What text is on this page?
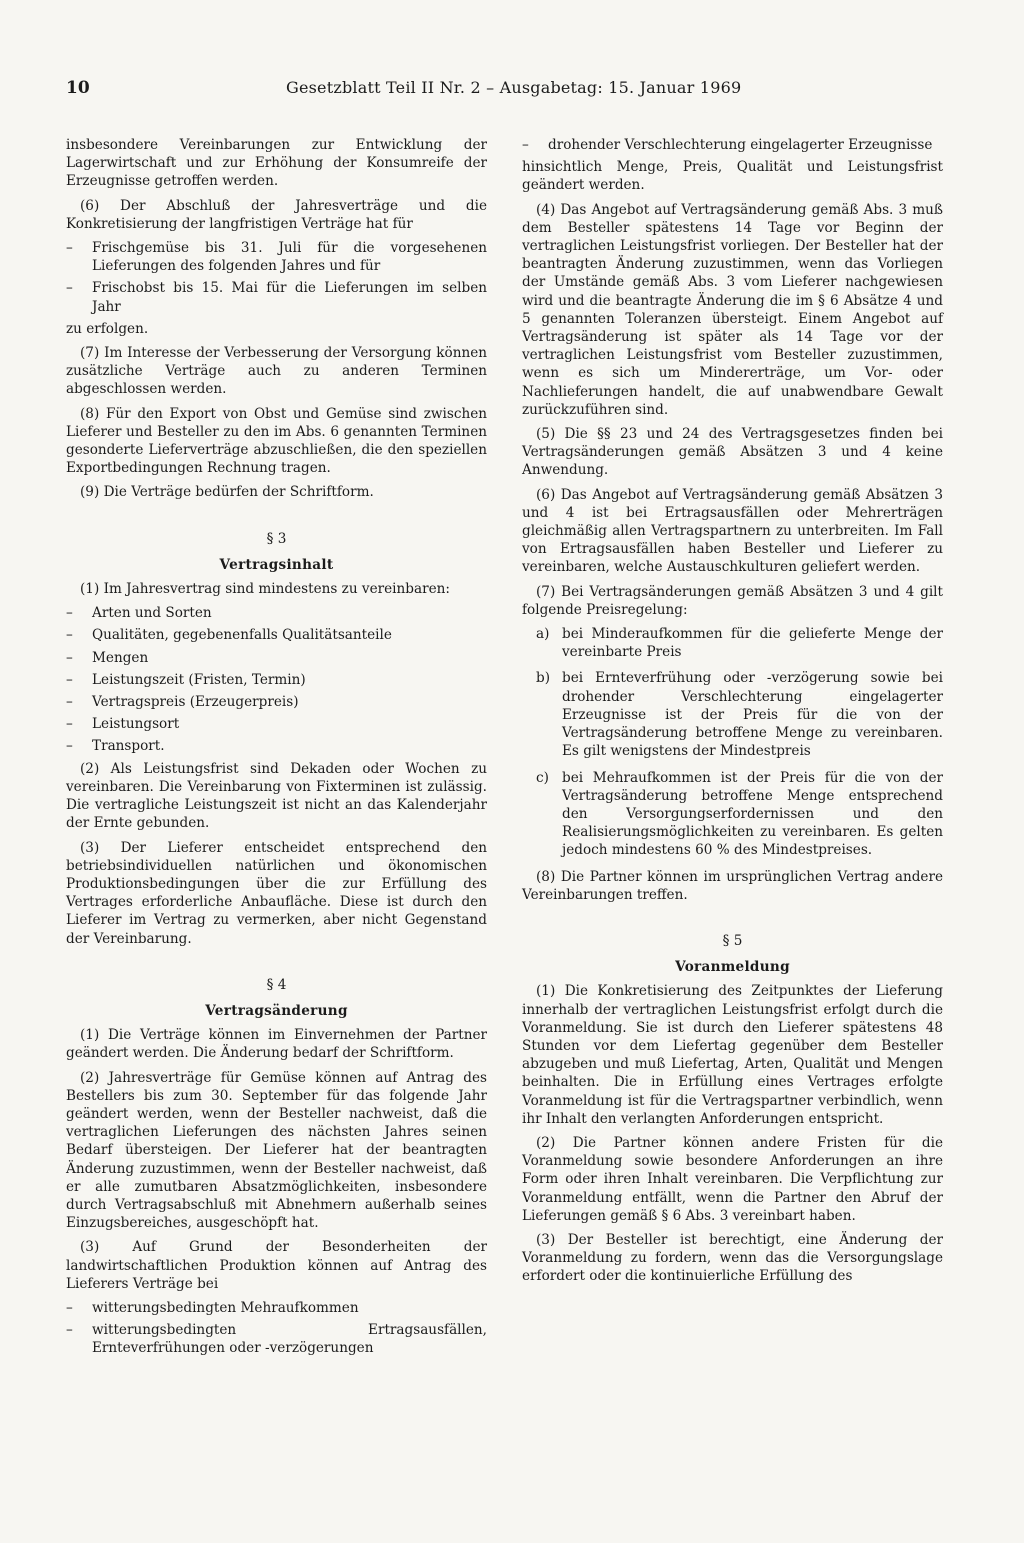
10	Gesetzblatt Teil II Nr. 2 – Ausgabetag: 15. Januar 1969

insbesondere Vereinbarungen zur Entwicklung der Lagerwirtschaft und zur Erhöhung der Konsumreife der Erzeugnisse getroffen werden.

(6) Der Abschluß der Jahresverträge und die Konkretisierung der langfristigen Verträge hat für

–	Frischgemüse bis 31. Juli für die vorgesehenen Lieferungen des folgenden Jahres und für
–	Frischobst bis 15. Mai für die Lieferungen im selben Jahr

zu erfolgen.

(7) Im Interesse der Verbesserung der Versorgung können zusätzliche Verträge auch zu anderen Terminen abgeschlossen werden.

(8) Für den Export von Obst und Gemüse sind zwischen Lieferer und Besteller zu den im Abs. 6 genannten Terminen gesonderte Lieferverträge abzuschließen, die den speziellen Exportbedingungen Rechnung tragen.

(9) Die Verträge bedürfen der Schriftform.

§ 3
Vertragsinhalt

(1) Im Jahresvertrag sind mindestens zu vereinbaren:

–	Arten und Sorten
–	Qualitäten, gegebenenfalls Qualitätsanteile
–	Mengen
–	Leistungszeit (Fristen, Termin)
–	Vertragspreis (Erzeugerpreis)
–	Leistungsort
–	Transport.

(2) Als Leistungsfrist sind Dekaden oder Wochen zu vereinbaren. Die Vereinbarung von Fixterminen ist zulässig. Die vertragliche Leistungszeit ist nicht an das Kalenderjahr der Ernte gebunden.

(3) Der Lieferer entscheidet entsprechend den betriebsindividuellen natürlichen und ökonomischen Produktionsbedingungen über die zur Erfüllung des Vertrages erforderliche Anbaufläche. Diese ist durch den Lieferer im Vertrag zu vermerken, aber nicht Gegenstand der Vereinbarung.

§ 4
Vertragsänderung

(1) Die Verträge können im Einvernehmen der Partner geändert werden. Die Änderung bedarf der Schriftform.

(2) Jahresverträge für Gemüse können auf Antrag des Bestellers bis zum 30. September für das folgende Jahr geändert werden, wenn der Besteller nachweist, daß die vertraglichen Lieferungen des nächsten Jahres seinen Bedarf übersteigen. Der Lieferer hat der beantragten Änderung zuzustimmen, wenn der Besteller nachweist, daß er alle zumutbaren Absatzmöglichkeiten, insbesondere durch Vertragsabschluß mit Abnehmern außerhalb seines Einzugsbereiches, ausgeschöpft hat.

(3) Auf Grund der Besonderheiten der landwirtschaftlichen Produktion können auf Antrag des Lieferers Verträge bei

–	witterungsbedingten Mehraufkommen
–	witterungsbedingten Ertragsausfällen, Ernteverfrühungen oder -verzögerungen
–	drohender Verschlechterung eingelagerter Erzeugnisse

hinsichtlich Menge, Preis, Qualität und Leistungsfrist geändert werden.

(4) Das Angebot auf Vertragsänderung gemäß Abs. 3 muß dem Besteller spätestens 14 Tage vor Beginn der vertraglichen Leistungsfrist vorliegen. Der Besteller hat der beantragten Änderung zuzustimmen, wenn das Vorliegen der Umstände gemäß Abs. 3 vom Lieferer nachgewiesen wird und die beantragte Änderung die im § 6 Absätze 4 und 5 genannten Toleranzen übersteigt. Einem Angebot auf Vertragsänderung ist später als 14 Tage vor der vertraglichen Leistungsfrist vom Besteller zuzustimmen, wenn es sich um Mindererträge, um Vor- oder Nachlieferungen handelt, die auf unabwendbare Gewalt zurückzuführen sind.

(5) Die §§ 23 und 24 des Vertragsgesetzes finden bei Vertragsänderungen gemäß Absätzen 3 und 4 keine Anwendung.

(6) Das Angebot auf Vertragsänderung gemäß Absätzen 3 und 4 ist bei Ertragsausfällen oder Mehrerträgen gleichmäßig allen Vertragspartnern zu unterbreiten. Im Fall von Ertragsausfällen haben Besteller und Lieferer zu vereinbaren, welche Austauschkulturen geliefert werden.

(7) Bei Vertragsänderungen gemäß Absätzen 3 und 4 gilt folgende Preisregelung:

a) bei Minderaufkommen für die gelieferte Menge der vereinbarte Preis
b) bei Ernteverfrühung oder -verzögerung sowie bei drohender Verschlechterung eingelagerter Erzeugnisse ist der Preis für die von der Vertragsänderung betroffene Menge zu vereinbaren. Es gilt wenigstens der Mindestpreis
c) bei Mehraufkommen ist der Preis für die von der Vertragsänderung betroffene Menge entsprechend den Versorgungserfordernissen und den Realisierungsmöglichkeiten zu vereinbaren. Es gelten jedoch mindestens 60 % des Mindestpreises.

(8) Die Partner können im ursprünglichen Vertrag andere Vereinbarungen treffen.

§ 5
Voranmeldung

(1) Die Konkretisierung des Zeitpunktes der Lieferung innerhalb der vertraglichen Leistungsfrist erfolgt durch die Voranmeldung. Sie ist durch den Lieferer spätestens 48 Stunden vor dem Liefertag gegenüber dem Besteller abzugeben und muß Liefertag, Arten, Qualität und Mengen beinhalten. Die in Erfüllung eines Vertrages erfolgte Voranmeldung ist für die Vertragspartner verbindlich, wenn ihr Inhalt den verlangten Anforderungen entspricht.

(2) Die Partner können andere Fristen für die Voranmeldung sowie besondere Anforderungen an ihre Form oder ihren Inhalt vereinbaren. Die Verpflichtung zur Voranmeldung entfällt, wenn die Partner den Abruf der Lieferungen gemäß § 6 Abs. 3 vereinbart haben.

(3) Der Besteller ist berechtigt, eine Änderung der Voranmeldung zu fordern, wenn das die Versorgungslage erfordert oder die kontinuierliche Erfüllung des
